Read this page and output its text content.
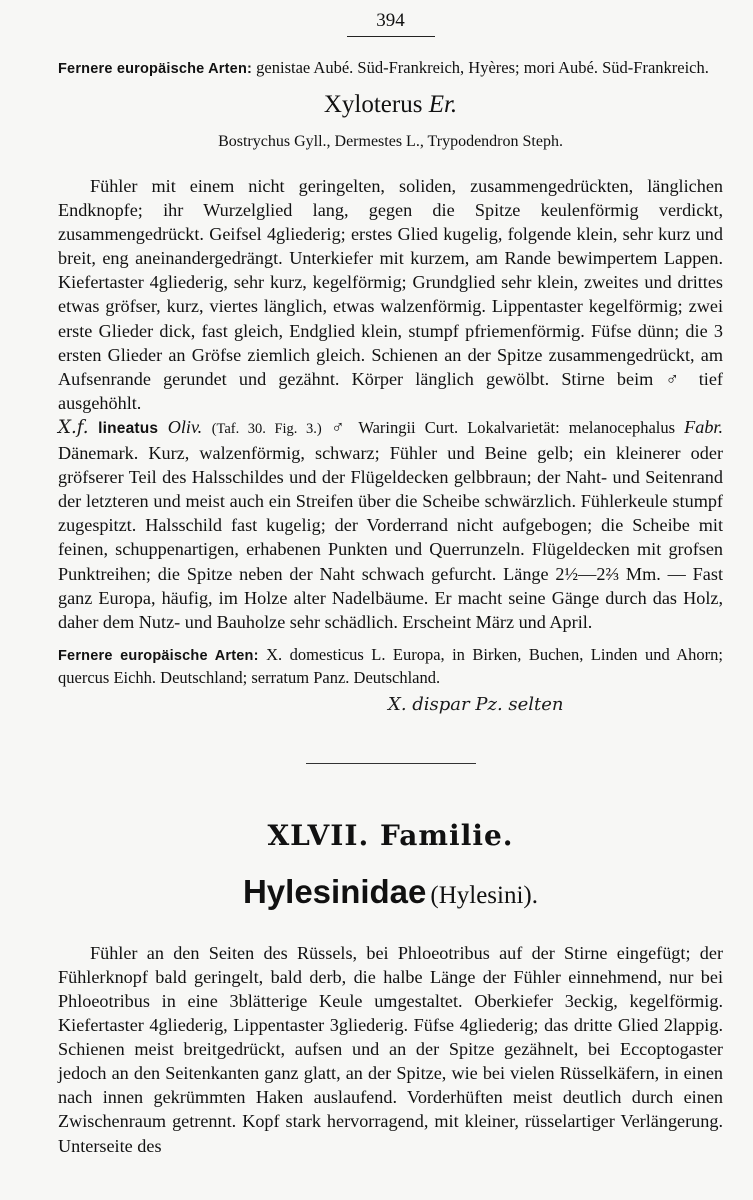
394

Fernere europäische Arten: genistae Aubé. Süd-Frankreich, Hyères; mori Aubé. Süd-Frankreich.

Xyloterus Er.
Bostrychus Gyll., Dermestes L., Trypodendron Steph.

Fühler mit einem nicht geringelten, soliden, zusammengedrückten, länglichen Endknopfe; ihr Wurzelglied lang, gegen die Spitze keulenförmig verdickt, zusammengedrückt. Geifsel 4gliederig; erstes Glied kugelig, folgende klein, sehr kurz und breit, eng aneinandergedrängt. Unterkiefer mit kurzem, am Rande bewimpertem Lappen. Kiefertaster 4gliederig, sehr kurz, kegelförmig; Grundglied sehr klein, zweites und drittes etwas gröfser, kurz, viertes länglich, etwas walzenförmig. Lippentaster kegelförmig; zwei erste Glieder dick, fast gleich, Endglied klein, stumpf pfriemenförmig. Füfse dünn; die 3 ersten Glieder an Gröfse ziemlich gleich. Schienen an der Spitze zusammengedrückt, am Aufsenrande gerundet und gezähnt. Körper länglich gewölbt. Stirne beim ♂ tief ausgehöhlt.

X.f. lineatus Oliv. (Taf. 30. Fig. 3.) ♂ Waringii Curt. Lokalvarietät: melanocephalus Fabr. Dänemark. Kurz, walzenförmig, schwarz; Fühler und Beine gelb; ein kleinerer oder gröfserer Teil des Halsschildes und der Flügeldecken gelbbraun; der Naht- und Seitenrand der letzteren und meist auch ein Streifen über die Scheibe schwärzlich. Fühlerkeule stumpf zugespitzt. Halsschild fast kugelig; der Vorderrand nicht aufgebogen; die Scheibe mit feinen, schuppenartigen, erhabenen Punkten und Querrunzeln. Flügeldecken mit grofsen Punktreihen; die Spitze neben der Naht schwach gefurcht. Länge 2½—2⅔ Mm. — Fast ganz Europa, häufig, im Holze alter Nadelbäume. Er macht seine Gänge durch das Holz, daher dem Nutz- und Bauholze sehr schädlich. Erscheint März und April.

Fernere europäische Arten: X. domesticus L. Europa, in Birken, Buchen, Linden und Ahorn; quercus Eichh. Deutschland; serratum Panz. Deutschland.

X. dispar Pz. selten
XLVII. Familie.
Hylesinidae (Hylesini).

Fühler an den Seiten des Rüssels, bei Phloeotribus auf der Stirne eingefügt; der Fühlerknopf bald geringelt, bald derb, die halbe Länge der Fühler einnehmend, nur bei Phloeotribus in eine 3blätterige Keule umgestaltet. Oberkiefer 3eckig, kegelförmig. Kiefertaster 4gliederig, Lippentaster 3gliederig. Füfse 4gliederig; das dritte Glied 2lappig. Schienen meist breitgedrückt, aufsen und an der Spitze gezähnelt, bei Eccoptogaster jedoch an den Seitenkanten ganz glatt, an der Spitze, wie bei vielen Rüsselkäfern, in einen nach innen gekrümmten Haken auslaufend. Vorderhüften meist deutlich durch einen Zwischenraum getrennt. Kopf stark hervorragend, mit kleiner, rüsselartiger Verlängerung. Unterseite des
